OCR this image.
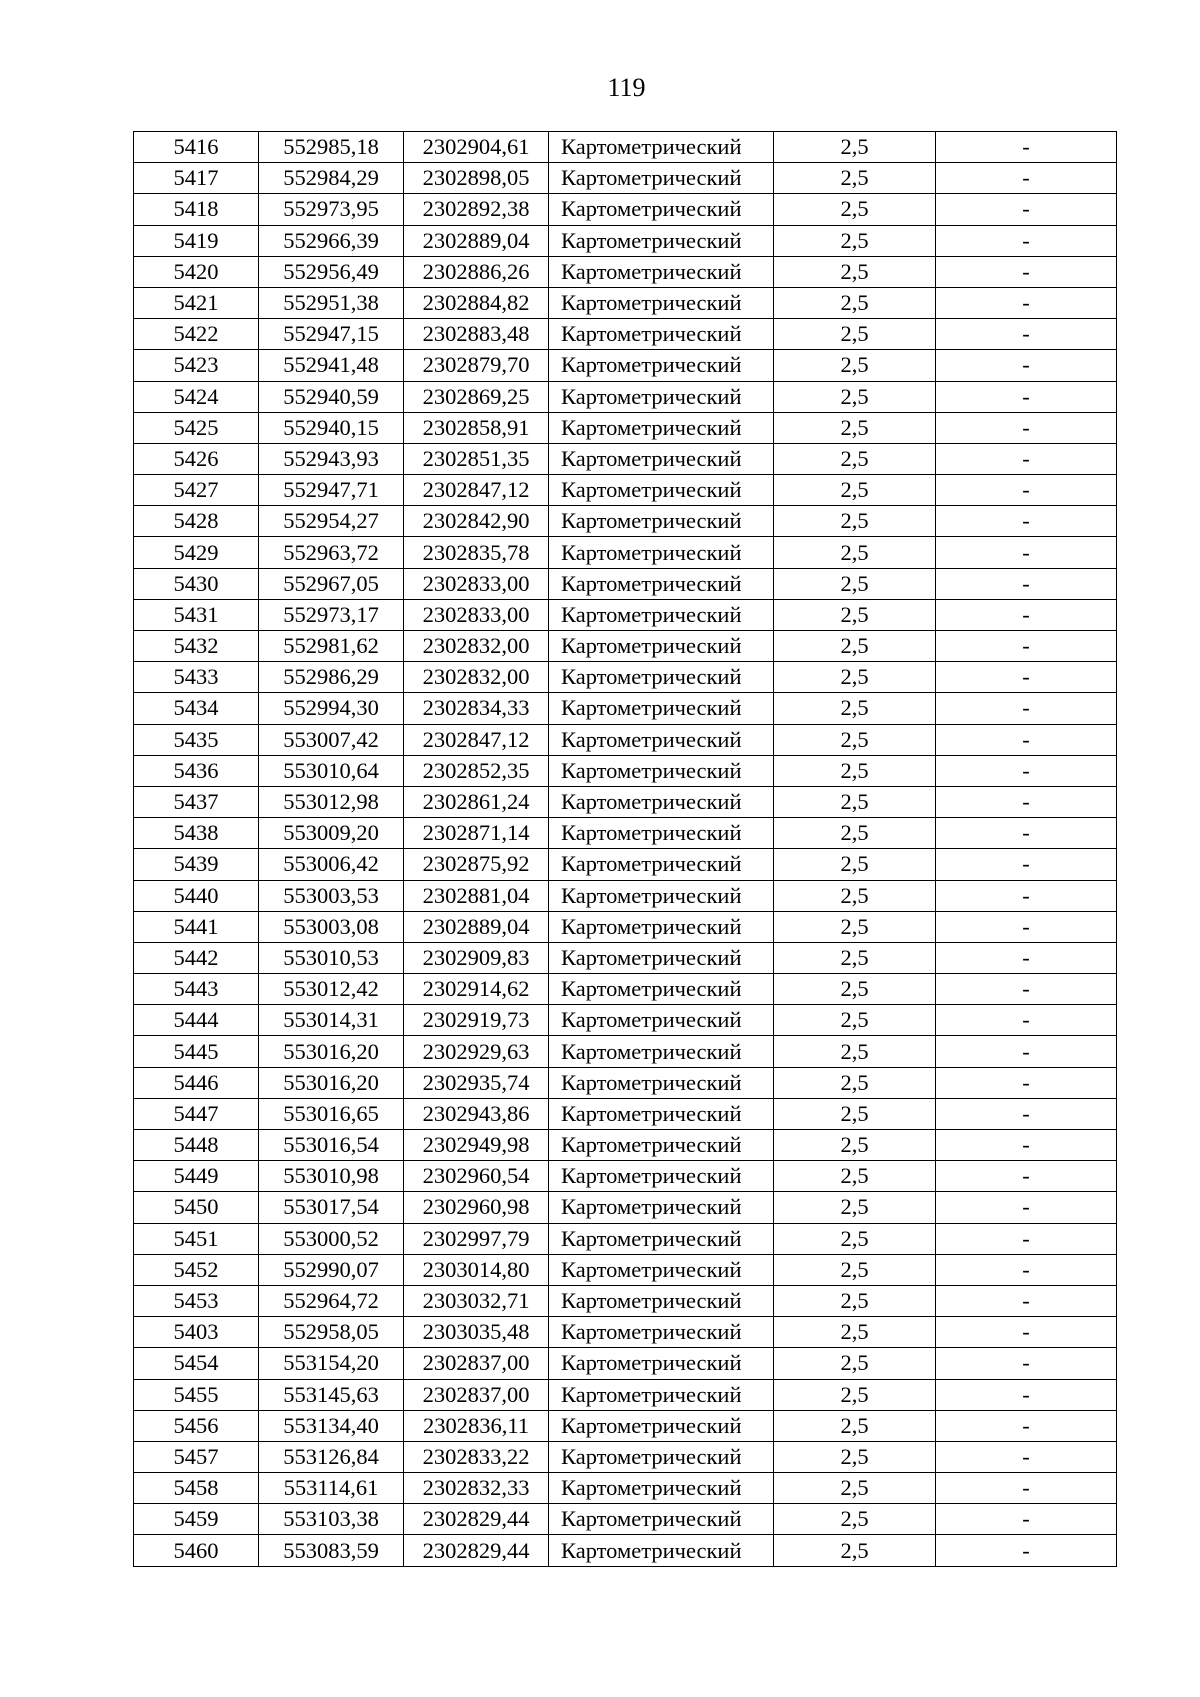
119
5416	552985,18	2302904,61	Картометрический	2,5	-
5417	552984,29	2302898,05	Картометрический	2,5	-
5418	552973,95	2302892,38	Картометрический	2,5	-
5419	552966,39	2302889,04	Картометрический	2,5	-
5420	552956,49	2302886,26	Картометрический	2,5	-
5421	552951,38	2302884,82	Картометрический	2,5	-
5422	552947,15	2302883,48	Картометрический	2,5	-
5423	552941,48	2302879,70	Картометрический	2,5	-
5424	552940,59	2302869,25	Картометрический	2,5	-
5425	552940,15	2302858,91	Картометрический	2,5	-
5426	552943,93	2302851,35	Картометрический	2,5	-
5427	552947,71	2302847,12	Картометрический	2,5	-
5428	552954,27	2302842,90	Картометрический	2,5	-
5429	552963,72	2302835,78	Картометрический	2,5	-
5430	552967,05	2302833,00	Картометрический	2,5	-
5431	552973,17	2302833,00	Картометрический	2,5	-
5432	552981,62	2302832,00	Картометрический	2,5	-
5433	552986,29	2302832,00	Картометрический	2,5	-
5434	552994,30	2302834,33	Картометрический	2,5	-
5435	553007,42	2302847,12	Картометрический	2,5	-
5436	553010,64	2302852,35	Картометрический	2,5	-
5437	553012,98	2302861,24	Картометрический	2,5	-
5438	553009,20	2302871,14	Картометрический	2,5	-
5439	553006,42	2302875,92	Картометрический	2,5	-
5440	553003,53	2302881,04	Картометрический	2,5	-
5441	553003,08	2302889,04	Картометрический	2,5	-
5442	553010,53	2302909,83	Картометрический	2,5	-
5443	553012,42	2302914,62	Картометрический	2,5	-
5444	553014,31	2302919,73	Картометрический	2,5	-
5445	553016,20	2302929,63	Картометрический	2,5	-
5446	553016,20	2302935,74	Картометрический	2,5	-
5447	553016,65	2302943,86	Картометрический	2,5	-
5448	553016,54	2302949,98	Картометрический	2,5	-
5449	553010,98	2302960,54	Картометрический	2,5	-
5450	553017,54	2302960,98	Картометрический	2,5	-
5451	553000,52	2302997,79	Картометрический	2,5	-
5452	552990,07	2303014,80	Картометрический	2,5	-
5453	552964,72	2303032,71	Картометрический	2,5	-
5403	552958,05	2303035,48	Картометрический	2,5	-
5454	553154,20	2302837,00	Картометрический	2,5	-
5455	553145,63	2302837,00	Картометрический	2,5	-
5456	553134,40	2302836,11	Картометрический	2,5	-
5457	553126,84	2302833,22	Картометрический	2,5	-
5458	553114,61	2302832,33	Картометрический	2,5	-
5459	553103,38	2302829,44	Картометрический	2,5	-
5460	553083,59	2302829,44	Картометрический	2,5	-
